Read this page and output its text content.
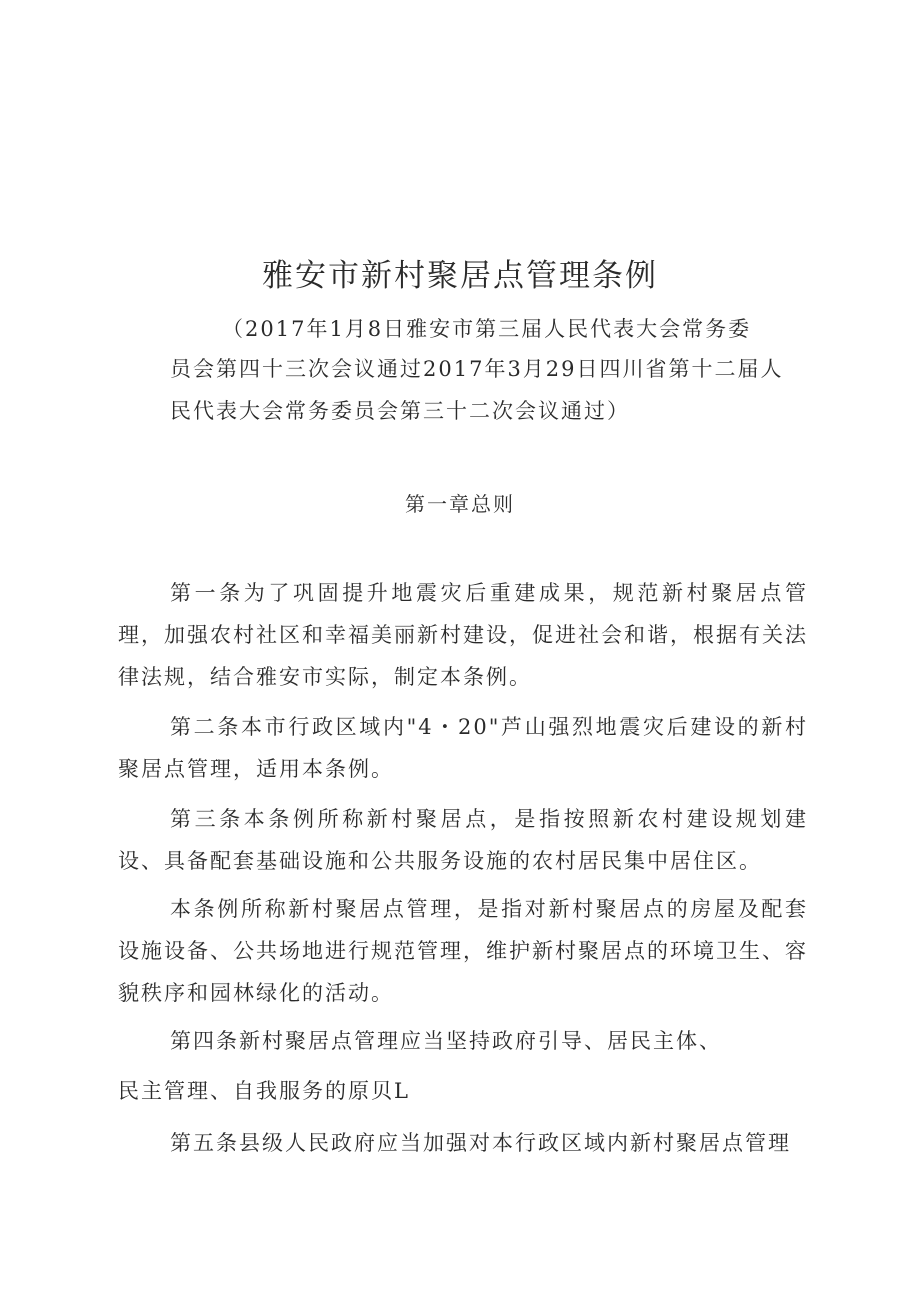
雅安市新村聚居点管理条例
（2017年1月8日雅安市第三届人民代表大会常务委
员会第四十三次会议通过2017年3月29日四川省第十二届人
民代表大会常务委员会第三十二次会议通过）
第一章总则

第一条为了巩固提升地震灾后重建成果，规范新村聚居点管理，加强农村社区和幸福美丽新村建设，促进社会和谐，根据有关法律法规，结合雅安市实际，制定本条例。

第二条本市行政区域内"4・20"芦山强烈地震灾后建设的新村聚居点管理，适用本条例。

第三条本条例所称新村聚居点，是指按照新农村建设规划建设、具备配套基础设施和公共服务设施的农村居民集中居住区。

本条例所称新村聚居点管理，是指对新村聚居点的房屋及配套设施设备、公共场地进行规范管理，维护新村聚居点的环境卫生、容貌秩序和园林绿化的活动。

第四条新村聚居点管理应当坚持政府引导、居民主体、

民主管理、自我服务的原贝L

第五条县级人民政府应当加强对本行政区域内新村聚居点管理
